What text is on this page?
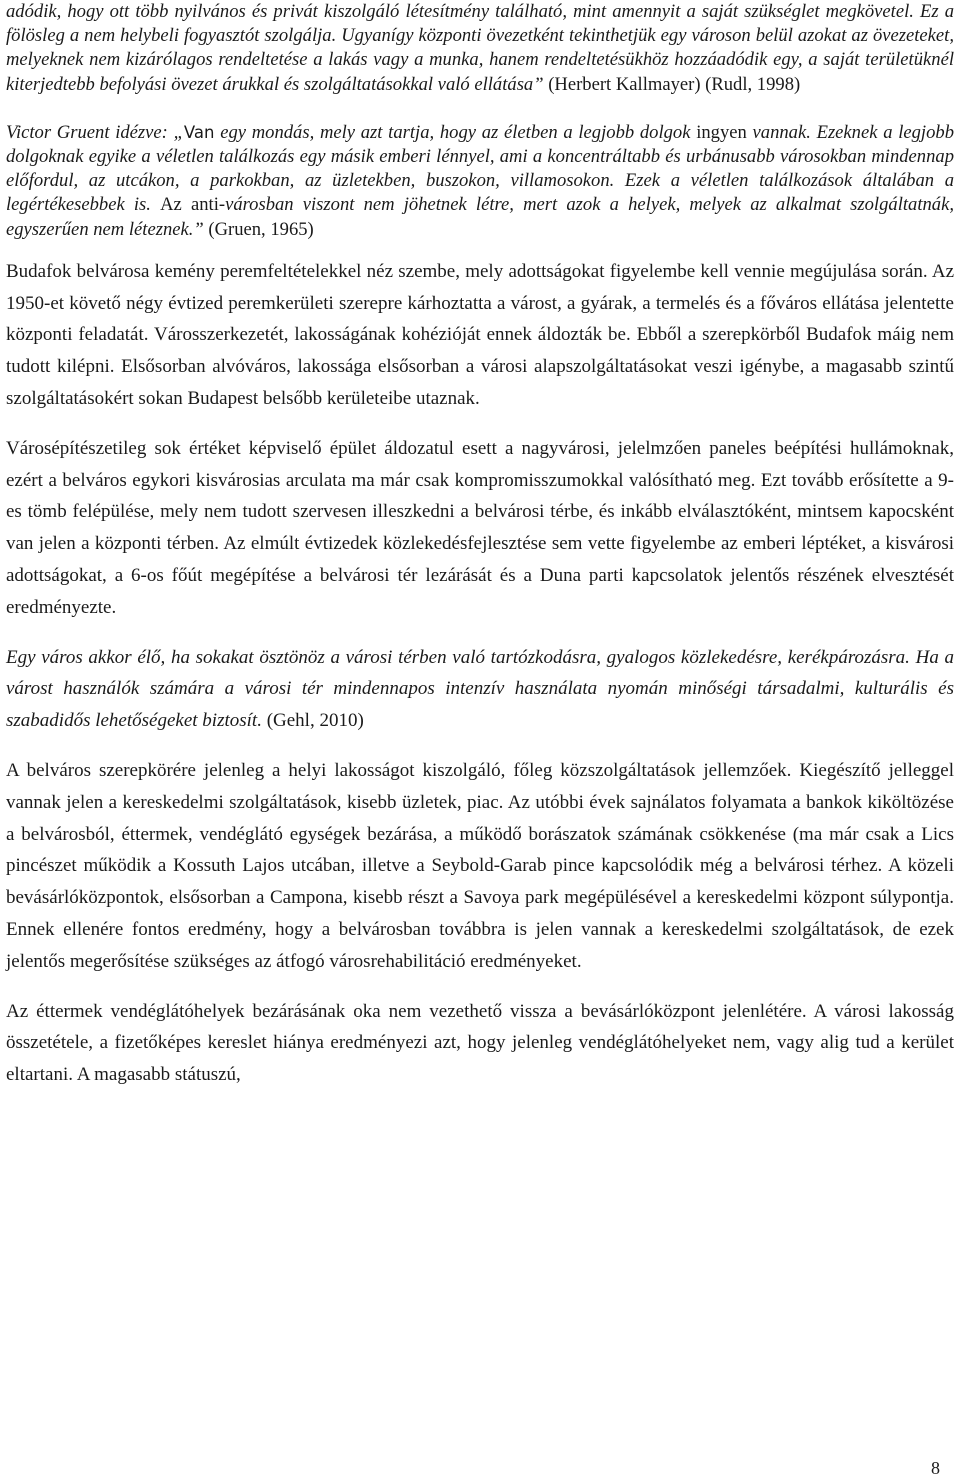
adódik, hogy ott több nyilvános és privát kiszolgáló létesítmény található, mint amennyit a saját szükséglet megkövetel. Ez a fölösleg a nem helybeli fogyasztót szolgálja. Ugyanígy központi övezetként tekinthetjük egy városon belül azokat az övezeteket, melyeknek nem kizárólagos rendeltetése a lakás vagy a munka, hanem rendeltetésükhöz hozzáadódik egy, a saját területüknél kiterjedtebb befolyási övezet árukkal és szolgáltatásokkal való ellátása” (Herbert Kallmayer) (Rudl, 1998)

Victor Gruent idézve: „Van egy mondás, mely azt tartja, hogy az életben a legjobb dolgok ingyen vannak. Ezeknek a legjobb dolgoknak egyike a véletlen találkozás egy másik emberi lénnyel, ami a koncentráltabb és urbánusabb városokban mindennap előfordul, az utcákon, a parkokban, az üzletekben, buszokon, villamosokon. Ezek a véletlen találkozások általában a legértékesebbek is. Az anti-városban viszont nem jöhetnek létre, mert azok a helyek, melyek az alkalmat szolgáltatnák, egyszerűen nem léteznek.” (Gruen, 1965)

Budafok belvárosa kemény peremfeltételekkel néz szembe, mely adottságokat figyelembe kell vennie megújulása során. Az 1950-et követő négy évtized peremkerületi szerepre kárhoztatta a várost, a gyárak, a termelés és a főváros ellátása jelentette központi feladatát. Városszerkezetét, lakosságának kohézióját ennek áldozták be. Ebből a szerepkörből Budafok máig nem tudott kilépni. Elsősorban alvóváros, lakossága elsősorban a városi alapszolgáltatásokat veszi igénybe, a magasabb szintű szolgáltatásokért sokan Budapest belsőbb kerületeibe utaznak.

Városépítészetileg sok értéket képviselő épület áldozatul esett a nagyvárosi, jelelmzően paneles beépítési hullámoknak, ezért a belváros egykori kisvárosias arculata ma már csak kompromisszumokkal valósítható meg. Ezt tovább erősítette a 9-es tömb felépülése, mely nem tudott szervesen illeszkedni a belvárosi térbe, és inkább elválasztóként, mintsem kapocsként van jelen a központi térben. Az elmúlt évtizedek közlekedésfejlesztése sem vette figyelembe az emberi léptéket, a kisvárosi adottságokat, a 6-os főút megépítése a belvárosi tér lezárását és a Duna parti kapcsolatok jelentős részének elvesztését eredményezte.

Egy város akkor élő, ha sokakat ösztönöz a városi térben való tartózkodásra, gyalogos közlekedésre, kerékpározásra. Ha a várost használók számára a városi tér mindennapos intenzív használata nyomán minőségi társadalmi, kulturális és szabadidős lehetőségeket biztosít. (Gehl, 2010)

A belváros szerepkörére jelenleg a helyi lakosságot kiszolgáló, főleg közszolgáltatások jellemzőek. Kiegészítő jelleggel vannak jelen a kereskedelmi szolgáltatások, kisebb üzletek, piac. Az utóbbi évek sajnálatos folyamata a bankok kiköltözése a belvárosból, éttermek, vendéglátó egységek bezárása, a működő borászatok számának csökkenése (ma már csak a Lics pincészet működik a Kossuth Lajos utcában, illetve a Seybold-Garab pince kapcsolódik még a belvárosi térhez. A közeli bevásárlóközpontok, elsősorban a Campona, kisebb részt a Savoya park megépülésével a kereskedelmi központ súlypontja. Ennek ellenére fontos eredmény, hogy a belvárosban továbbra is jelen vannak a kereskedelmi szolgáltatások, de ezek jelentős megerősítése szükséges az átfogó városrehabilitáció eredményeket.

Az éttermek vendéglátóhelyek bezárásának oka nem vezethető vissza a bevásárlóközpont jelenlétére. A városi lakosság összetétele, a fizetőképes kereslet hiánya eredményezi azt, hogy jelenleg vendéglátóhelyeket nem, vagy alig tud a kerület eltartani. A magasabb státuszú,

8
